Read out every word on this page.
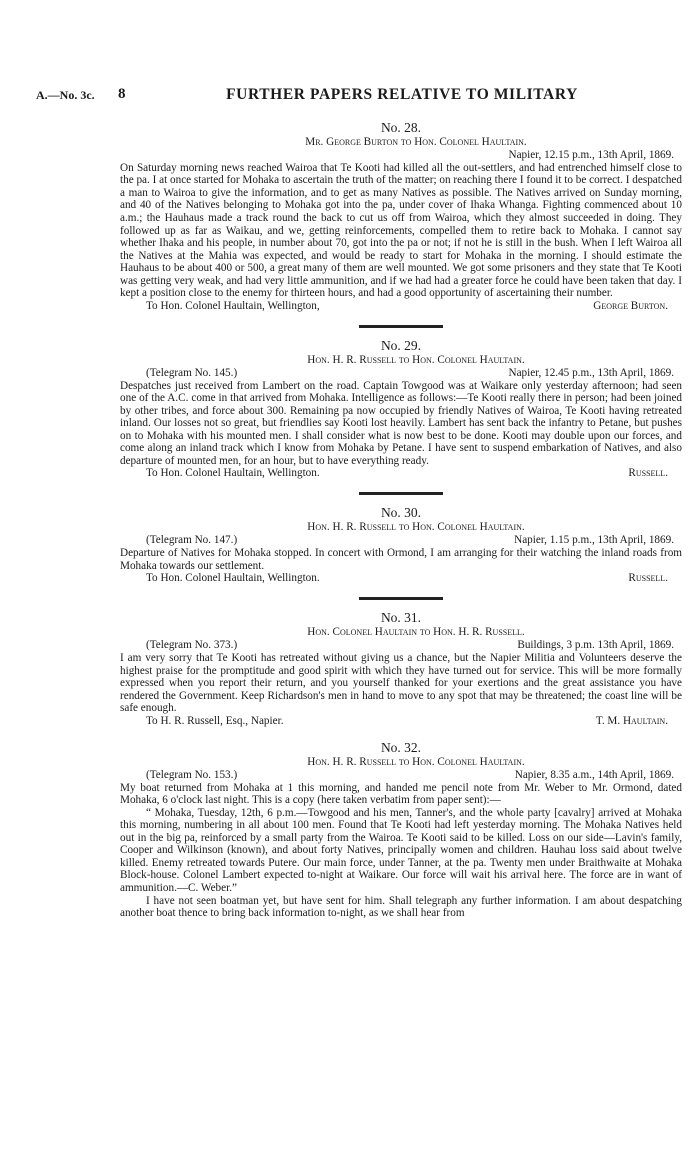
FURTHER PAPERS RELATIVE TO MILITARY
A.—No. 3c. 8
No. 28.
Mr. George Burton to Hon. Colonel Haultain.
Napier, 12.15 p.m., 13th April, 1869.

On Saturday morning news reached Wairoa that Te Kooti had killed all the out-settlers, and had entrenched himself close to the pa. I at once started for Mohaka to ascertain the truth of the matter; on reaching there I found it to be correct. I despatched a man to Wairoa to give the information, and to get as many Natives as possible. The Natives arrived on Sunday morning, and 40 of the Natives belonging to Mohaka got into the pa, under cover of Ihaka Whanga. Fighting commenced about 10 a.m.; the Hauhaus made a track round the back to cut us off from Wairoa, which they almost succeeded in doing. They followed up as far as Waikau, and we, getting reinforcements, compelled them to retire back to Mohaka. I cannot say whether Ihaka and his people, in number about 70, got into the pa or not; if not he is still in the bush. When I left Wairoa all the Natives at the Mahia was expected, and would be ready to start for Mohaka in the morning. I should estimate the Hauhaus to be about 400 or 500, a great many of them are well mounted. We got some prisoners and they state that Te Kooti was getting very weak, and had very little ammunition, and if we had had a greater force he could have been taken that day. I kept a position close to the enemy for thirteen hours, and had a good opportunity of ascertaining their number.

To Hon. Colonel Haultain, Wellington,	George Burton.
No. 29.
Hon. H. R. Russell to Hon. Colonel Haultain.
(Telegram No. 145.)	Napier, 12.45 p.m., 13th April, 1869.

Despatches just received from Lambert on the road. Captain Towgood was at Waikare only yesterday afternoon; had seen one of the A.C. come in that arrived from Mohaka. Intelligence as follows:—Te Kooti really there in person; had been joined by other tribes, and force about 300. Remaining pa now occupied by friendly Natives of Wairoa, Te Kooti having retreated inland. Our losses not so great, but friendlies say Kooti lost heavily. Lambert has sent back the infantry to Petane, but pushes on to Mohaka with his mounted men. I shall consider what is now best to be done. Kooti may double upon our forces, and come along an inland track which I know from Mohaka by Petane. I have sent to suspend embarkation of Natives, and also departure of mounted men, for an hour, but to have everything ready.

To Hon. Colonel Haultain, Wellington.	Russell.
No. 30.
Hon. H. R. Russell to Hon. Colonel Haultain.
(Telegram No. 147.)	Napier, 1.15 p.m., 13th April, 1869.

Departure of Natives for Mohaka stopped. In concert with Ormond, I am arranging for their watching the inland roads from Mohaka towards our settlement.

To Hon. Colonel Haultain, Wellington.	Russell.
No. 31.
Hon. Colonel Haultain to Hon. H. R. Russell.
(Telegram No. 373.)	Buildings, 3 p.m. 13th April, 1869.

I am very sorry that Te Kooti has retreated without giving us a chance, but the Napier Militia and Volunteers deserve the highest praise for the promptitude and good spirit with which they have turned out for service. This will be more formally expressed when you report their return, and you yourself thanked for your exertions and the great assistance you have rendered the Government. Keep Richardson's men in hand to move to any spot that may be threatened; the coast line will be safe enough.

To H. R. Russell, Esq., Napier.	T. M. Haultain.
No. 32.
Hon. H. R. Russell to Hon. Colonel Haultain.
(Telegram No. 153.)	Napier, 8.35 a.m., 14th April, 1869.

My boat returned from Mohaka at 1 this morning, and handed me pencil note from Mr. Weber to Mr. Ormond, dated Mohaka, 6 o'clock last night. This is a copy (here taken verbatim from paper sent):—

“ Mohaka, Tuesday, 12th, 6 p.m.—Towgood and his men, Tanner's, and the whole party [cavalry] arrived at Mohaka this morning, numbering in all about 100 men. Found that Te Kooti had left yesterday morning. The Mohaka Natives held out in the big pa, reinforced by a small party from the Wairoa. Te Kooti said to be killed. Loss on our side—Lavin's family, Cooper and Wilkinson (known), and about forty Natives, principally women and children. Hauhau loss said about twelve killed. Enemy retreated towards Putere. Our main force, under Tanner, at the pa. Twenty men under Braithwaite at Mohaka Block-house. Colonel Lambert expected to-night at Waikare. Our force will wait his arrival here. The force are in want of ammunition.—C. Weber.”

I have not seen boatman yet, but have sent for him. Shall telegraph any further information. I am about despatching another boat thence to bring back information to-night, as we shall hear from
